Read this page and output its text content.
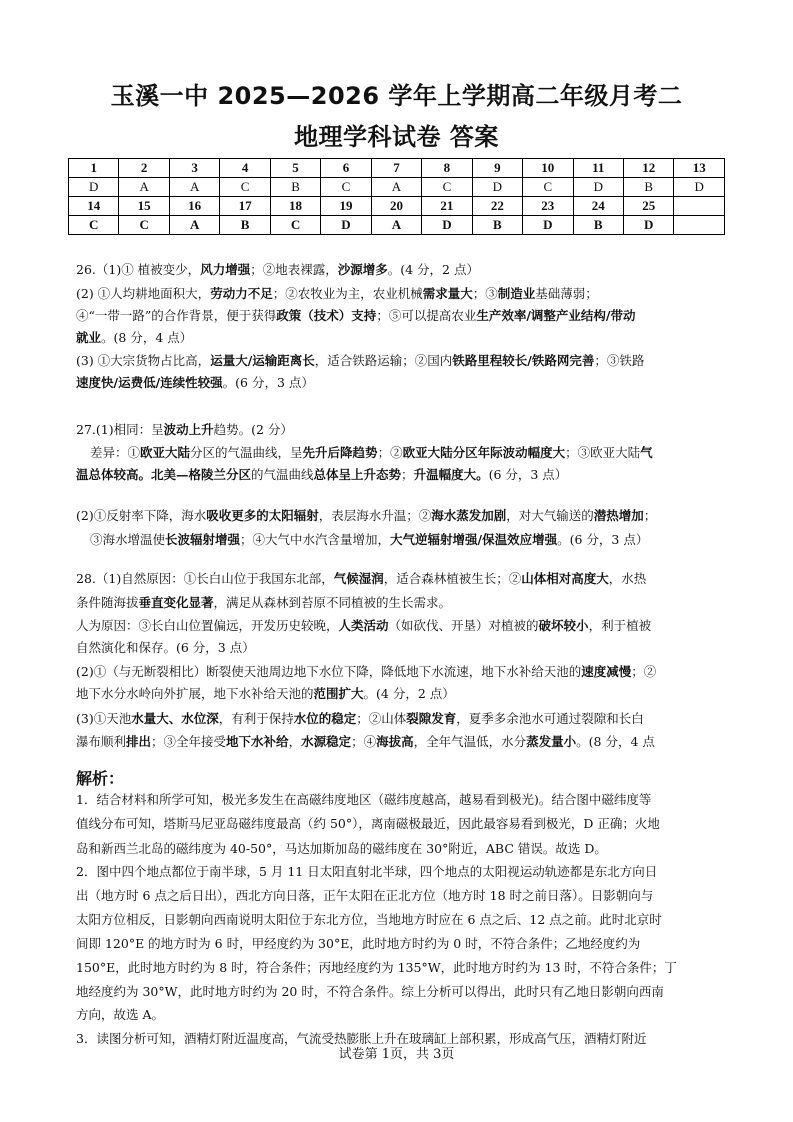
玉溪一中 2025—2026 学年上学期高二年级月考二
地理学科试卷 答案
1	2	3	4	5	6	7	8	9	10	11	12	13
D	A	A	C	B	C	A	C	D	C	D	B	D
14	15	16	17	18	19	20	21	22	23	24	25	
C	C	A	B	C	D	A	D	B	D	B	D	
26.（1)① 植被变少，风力增强；②地表裸露，沙源增多。(4 分，2 点）
(2) ①人均耕地面积大，劳动力不足；②农牧业为主，农业机械需求量大；③制造业基础薄弱；
④“一带一路”的合作背景，便于获得政策（技术）支持；⑤可以提高农业生产效率/调整产业结构/带动
就业。(8 分，4 点）
(3) ①大宗货物占比高，运量大/运输距离长，适合铁路运输；②国内铁路里程较长/铁路网完善；③铁路
速度快/运费低/连续性较强。(6 分，3 点）
27.(1)相同：呈波动上升趋势。(2 分）
差异：①欧亚大陆分区的气温曲线，呈先升后降趋势；②欧亚大陆分区年际波动幅度大；③欧亚大陆气
温总体较高。北美—格陵兰分区的气温曲线总体呈上升态势；升温幅度大。(6 分，3 点）
(2)①反射率下降，海水吸收更多的太阳辐射，表层海水升温；②海水蒸发加剧，对大气输送的潜热增加；
③海水增温使长波辐射增强；④大气中水汽含量增加，大气逆辐射增强/保温效应增强。(6 分，3 点）
28.（1)自然原因：①长白山位于我国东北部，气候湿润，适合森林植被生长；②山体相对高度大，水热
条件随海拔垂直变化显著，满足从森林到苔原不同植被的生长需求。
人为原因：③长白山位置偏远，开发历史较晚，人类活动（如砍伐、开垦）对植被的破坏较小，利于植被
自然演化和保存。(6 分，3 点）
(2)①（与无断裂相比）断裂使天池周边地下水位下降，降低地下水流速，地下水补给天池的速度减慢；②
地下水分水岭向外扩展，地下水补给天池的范围扩大。(4 分，2 点）
(3)①天池水量大、水位深，有利于保持水位的稳定；②山体裂隙发育，夏季多余池水可通过裂隙和长白
瀑布顺利排出；③全年接受地下水补给，水源稳定；④海拔高，全年气温低，水分蒸发量小。(8 分，4 点
1．结合材料和所学可知，极光多发生在高磁纬度地区（磁纬度越高，越易看到极光)。结合图中磁纬度等
值线分布可知，塔斯马尼亚岛磁纬度最高（约 50°），离南磁极最近，因此最容易看到极光，D 正确；火地
岛和新西兰北岛的磁纬度为 40-50°，马达加斯加岛的磁纬度在 30°附近，ABC 错误。故选 D。
2．图中四个地点都位于南半球，5 月 11 日太阳直射北半球，四个地点的太阳视运动轨迹都是东北方向日
出（地方时 6 点之后日出），西北方向日落，正午太阳在正北方位（地方时 18 时之前日落）。日影朝向与
太阳方位相反，日影朝向西南说明太阳位于东北方位，当地地方时应在 6 点之后、12 点之前。此时北京时
间即 120°E 的地方时为 6 时，甲经度约为 30°E，此时地方时约为 0 时，不符合条件；乙地经度约为
150°E，此时地方时约为 8 时，符合条件；丙地经度约为 135°W，此时地方时约为 13 时，不符合条件；丁
地经度约为 30°W，此时地方时约为 20 时，不符合条件。综上分析可以得出，此时只有乙地日影朝向西南
方向，故选 A。
3．读图分析可知，酒精灯附近温度高，气流受热膨胀上升在玻璃缸上部积累，形成高气压，酒精灯附近
解析：
试卷第 1页，共 3页
